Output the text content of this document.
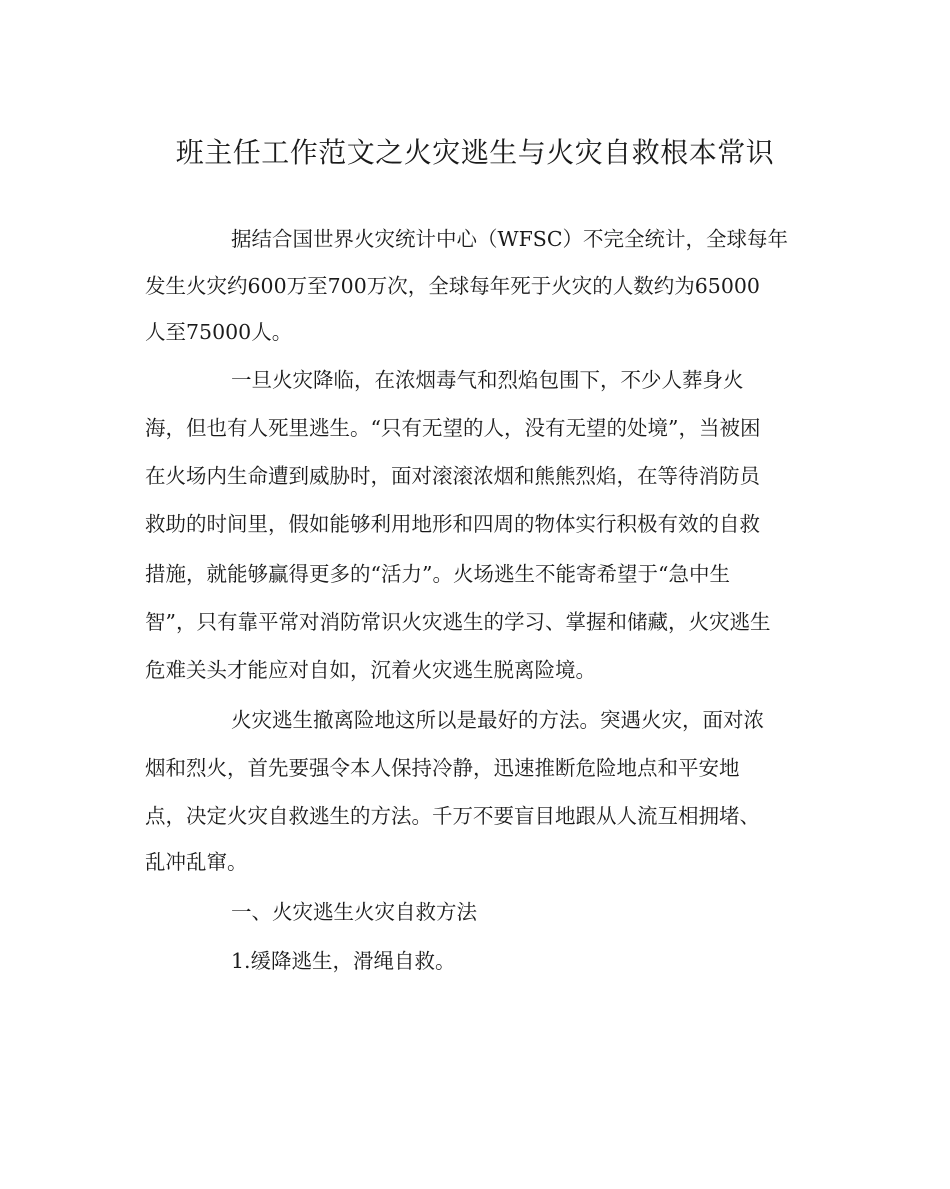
班主任工作范文之火灾逃生与火灾自救根本常识
据结合国世界火灾统计中心（WFSC）不完全统计，全球每年
发生火灾约600万至700万次，全球每年死于火灾的人数约为65000
人至75000人。
一旦火灾降临，在浓烟毒气和烈焰包围下，不少人葬身火
海，但也有人死里逃生。“只有无望的人，没有无望的处境”，当被困
在火场内生命遭到威胁时，面对滚滚浓烟和熊熊烈焰，在等待消防员
救助的时间里，假如能够利用地形和四周的物体实行积极有效的自救
措施，就能够赢得更多的“活力”。火场逃生不能寄希望于“急中生
智”，只有靠平常对消防常识火灾逃生的学习、掌握和储藏，火灾逃生
危难关头才能应对自如，沉着火灾逃生脱离险境。
火灾逃生撤离险地这所以是最好的方法。突遇火灾，面对浓
烟和烈火，首先要强令本人保持冷静，迅速推断危险地点和平安地
点，决定火灾自救逃生的方法。千万不要盲目地跟从人流互相拥堵、
乱冲乱窜。
一、火灾逃生火灾自救方法
1.缓降逃生，滑绳自救。
